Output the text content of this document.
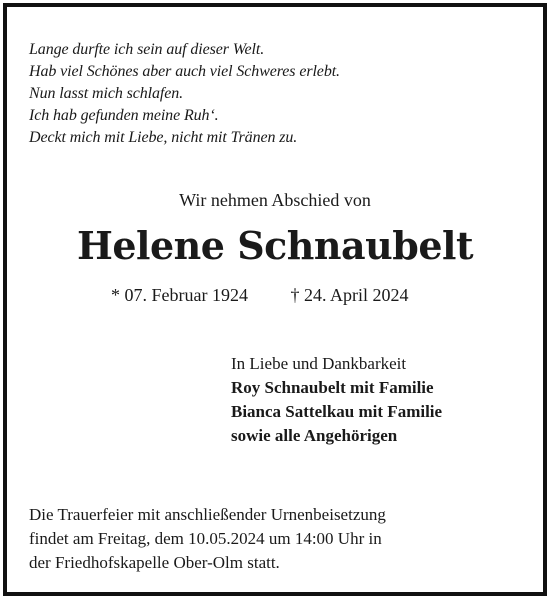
Lange durfte ich sein auf dieser Welt.
Hab viel Schönes aber auch viel Schweres erlebt.
Nun lasst mich schlafen.
Ich hab gefunden meine Ruh‘.
Deckt mich mit Liebe, nicht mit Tränen zu.
Wir nehmen Abschied von
Helene Schnaubelt
* 07. Februar 1924 † 24. April 2024
In Liebe und Dankbarkeit
Roy Schnaubelt mit Familie
Bianca Sattelkau mit Familie
sowie alle Angehörigen
Die Trauerfeier mit anschließender Urnenbeisetzung
findet am Freitag, dem 10.05.2024 um 14:00 Uhr in
der Friedhofskapelle Ober-Olm statt.
